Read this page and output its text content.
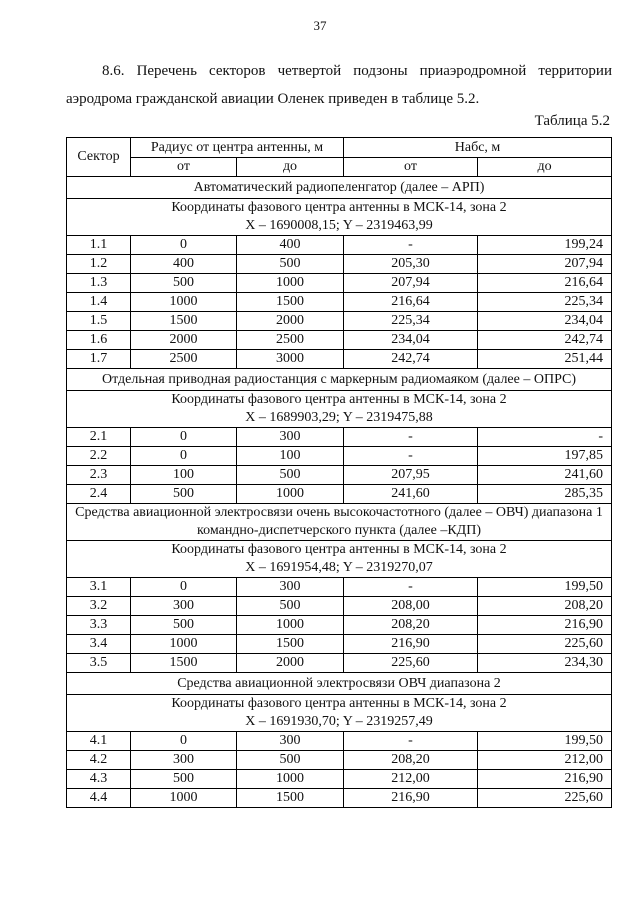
37

8.6. Перечень секторов четвертой подзоны приаэродромной территории аэродрома гражданской авиации Оленек приведен в таблице 5.2.

Таблица 5.2
Сектор	Радиус от центра антенны, м		Набс, м	
	от	до	от	до
Автоматический радиопеленгатор (далее – АРП)				

Координаты фазового центра антенны в МСК-14, зона 2
X – 1690008,15; Y – 2319463,99				

1.1	0	400	-	199,24
1.2	400	500	205,30	207,94
1.3	500	1000	207,94	216,64
1.4	1000	1500	216,64	225,34
1.5	1500	2000	225,34	234,04
1.6	2000	2500	234,04	242,74
1.7	2500	3000	242,74	251,44
Отдельная приводная радиостанция с маркерным радиомаяком (далее – ОПРС)				

Координаты фазового центра антенны в МСК-14, зона 2
X – 1689903,29; Y – 2319475,88				

2.1	0	300	-	-
2.2	0	100	-	197,85
2.3	100	500	207,95	241,60
2.4	500	1000	241,60	285,35
Средства авиационной электросвязи очень высокочастотного (далее – ОВЧ) диапазона 1 командно-диспетчерского пункта (далее –КДП)				

Координаты фазового центра антенны в МСК-14, зона 2
X – 1691954,48; Y – 2319270,07				

3.1	0	300	-	199,50
3.2	300	500	208,00	208,20
3.3	500	1000	208,20	216,90
3.4	1000	1500	216,90	225,60
3.5	1500	2000	225,60	234,30
Средства авиационной электросвязи ОВЧ диапазона 2				

Координаты фазового центра антенны в МСК-14, зона 2
X – 1691930,70; Y – 2319257,49				

4.1	0	300	-	199,50
4.2	300	500	208,20	212,00
4.3	500	1000	212,00	216,90
4.4	1000	1500	216,90	225,60
